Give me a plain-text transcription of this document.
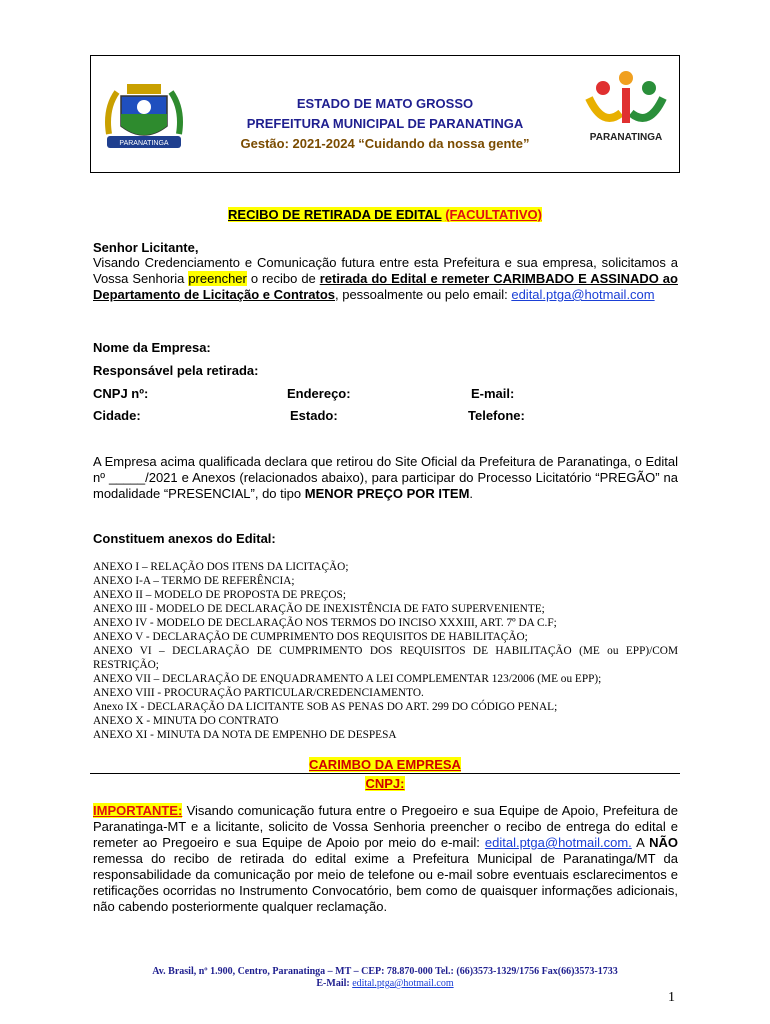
PARANATINGA
ESTADO DE MATO GROSSO
PREFEITURA MUNICIPAL DE PARANATINGA
Gestão: 2021-2024 “Cuidando da nossa gente”	PARANATINGA
RECIBO DE RETIRADA DE EDITAL (FACULTATIVO)
Senhor Licitante,
Visando Credenciamento e Comunicação futura entre esta Prefeitura e sua empresa, solicitamos a Vossa Senhoria preencher o recibo de retirada do Edital e remeter CARIMBADO E ASSINADO ao Departamento de Licitação e Contratos, pessoalmente ou pelo email: edital.ptga@hotmail.com
Nome da Empresa:
Responsável pela retirada:
CNPJ nº:	Endereço:	E-mail:
Cidade:	Estado:	Telefone:
A Empresa acima qualificada declara que retirou do Site Oficial da Prefeitura de Paranatinga, o Edital nº _____/2021 e Anexos (relacionados abaixo), para participar do Processo Licitatório “PREGÃO” na modalidade “PRESENCIAL”, do tipo MENOR PREÇO POR ITEM.
Constituem anexos do Edital:
ANEXO I – RELAÇÃO DOS ITENS DA LICITAÇÃO;
ANEXO I-A – TERMO DE REFERÊNCIA;
ANEXO II – MODELO DE PROPOSTA DE PREÇOS;
ANEXO III - MODELO DE DECLARAÇÃO DE INEXISTÊNCIA DE FATO SUPERVENIENTE;
ANEXO IV - MODELO DE DECLARAÇÃO NOS TERMOS DO INCISO XXXIII, ART. 7º DA C.F;
ANEXO V - DECLARAÇÃO DE CUMPRIMENTO DOS REQUISITOS DE HABILITAÇÃO;
ANEXO VI – DECLARAÇÃO DE CUMPRIMENTO DOS REQUISITOS DE HABILITAÇÃO (ME ou EPP)/COM RESTRIÇÃO;
ANEXO VII – DECLARAÇÃO DE ENQUADRAMENTO A LEI COMPLEMENTAR 123/2006 (ME ou EPP);
ANEXO VIII - PROCURAÇÃO PARTICULAR/CREDENCIAMENTO.
Anexo IX - DECLARAÇÃO DA LICITANTE SOB AS PENAS DO ART. 299 DO CÓDIGO PENAL;
ANEXO X - MINUTA DO CONTRATO
ANEXO XI - MINUTA DA NOTA DE EMPENHO DE DESPESA
CARIMBO DA EMPRESA
CNPJ:
IMPORTANTE: Visando comunicação futura entre o Pregoeiro e sua Equipe de Apoio, Prefeitura de Paranatinga-MT e a licitante, solicito de Vossa Senhoria preencher o recibo de entrega do edital e remeter ao Pregoeiro e sua Equipe de Apoio por meio do e-mail: edital.ptga@hotmail.com. A NÃO remessa do recibo de retirada do edital exime a Prefeitura Municipal de Paranatinga/MT da responsabilidade da comunicação por meio de telefone ou e-mail sobre eventuais esclarecimentos e retificações ocorridas no Instrumento Convocatório, bem como de quaisquer informações adicionais, não cabendo posteriormente qualquer reclamação.
Av. Brasil, nº 1.900, Centro, Paranatinga – MT – CEP: 78.870-000 Tel.: (66)3573-1329/1756 Fax(66)3573-1733
E-Mail: edital.ptga@hotmail.com
1
